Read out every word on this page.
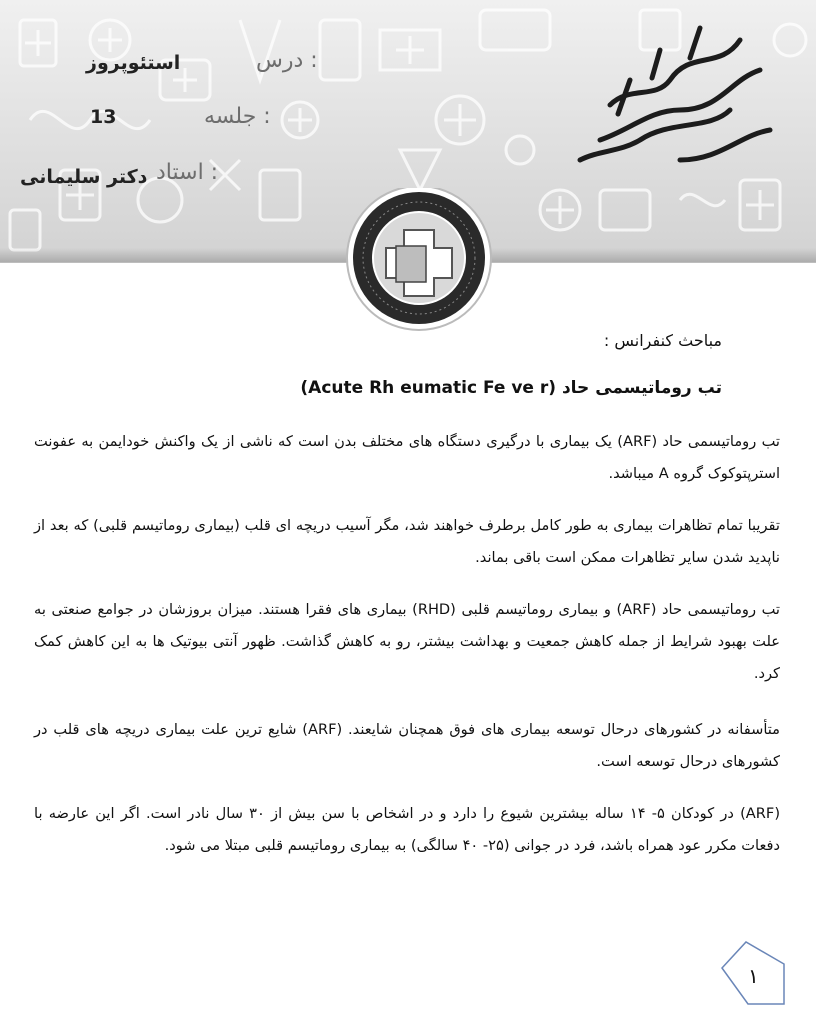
درس :
استئوپروز
جلسه :
13
استاد :
دکتر سلیمانی
مباحث کنفرانس :
تب روماتیسمی حاد (Acute Rh eumatic Fe ve r)
تب روماتیسمی حاد (ARF) یک بیماری با درگیری دستگاه های مختلف بدن است که ناشی از یک واکنش خودایمن به عفونت استرپتوکوک گروه A میباشد.
تقریبا تمام تظاهرات بیماری به طور کامل برطرف خواهند شد، مگر آسیب دریچه ای قلب (بیماری روماتیسم قلبی) که بعد از ناپدید شدن سایر تظاهرات ممکن است باقی بماند.
تب روماتیسمی حاد (ARF) و بیماری روماتیسم قلبی (RHD) بیماری های فقرا هستند. میزان بروزشان در جوامع صنعتی به علت بهبود شرایط از جمله کاهش جمعیت و بهداشت بیشتر، رو به کاهش گذاشت. ظهور آنتی بیوتیک ها به این کاهش کمک کرد.
متأسفانه در کشورهای درحال توسعه بیماری های فوق همچنان شایعند. (ARF) شایع ترین علت بیماری دریچه های قلب در کشورهای درحال توسعه است.
(ARF) در کودکان ۵- ۱۴ ساله بیشترین شیوع را دارد و در اشخاص با سن بیش از ۳۰ سال نادر است. اگر این عارضه با دفعات مکرر عود همراه باشد، فرد در جوانی (۲۵- ۴۰ سالگی) به بیماری روماتیسم قلبی مبتلا می شود.
۱
